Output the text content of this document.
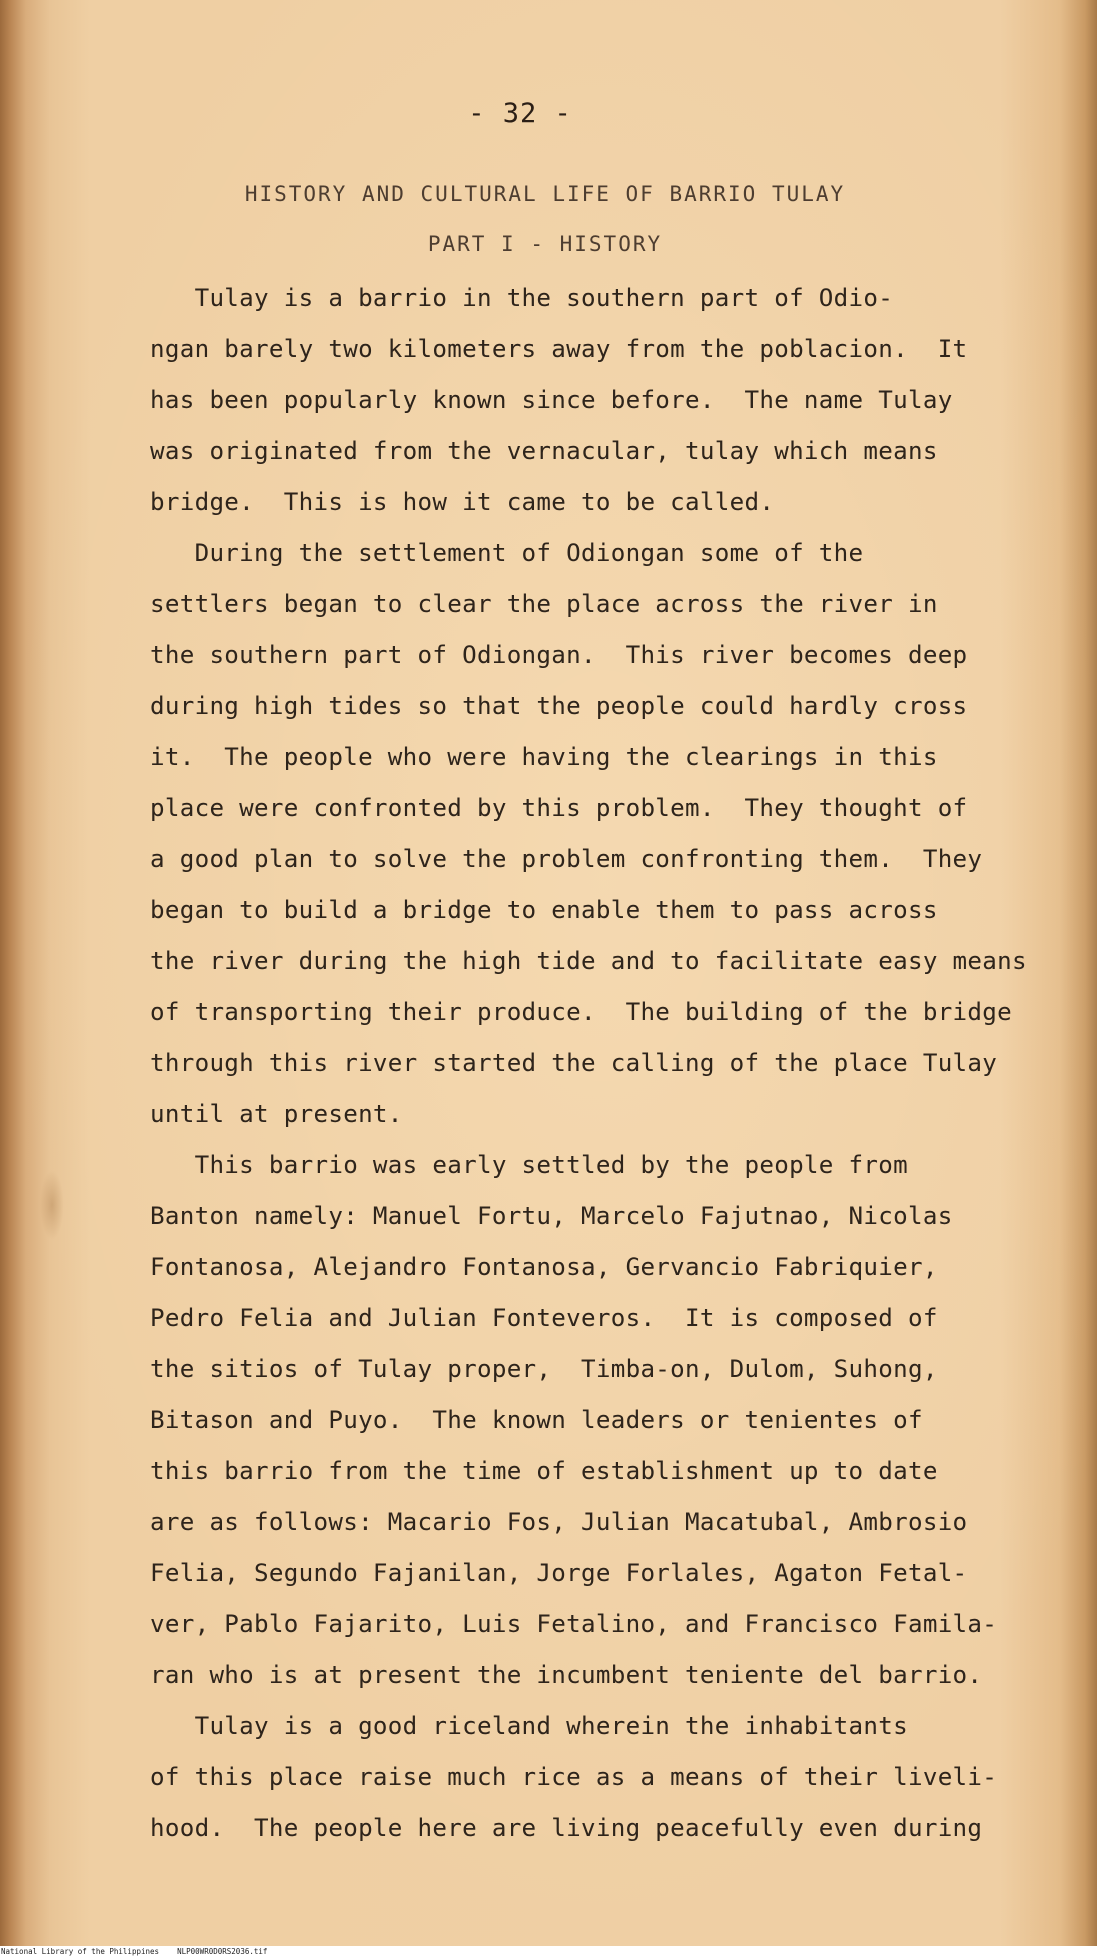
- 32 -
HISTORY AND CULTURAL LIFE OF BARRIO TULAY
PART I - HISTORY
Tulay is a barrio in the southern part of Odio-
ngan barely two kilometers away from the poblacion.  It
has been popularly known since before.  The name Tulay
was originated from the vernacular, tulay which means
bridge.  This is how it came to be called.
During the settlement of Odiongan some of the
settlers began to clear the place across the river in
the southern part of Odiongan.  This river becomes deep
during high tides so that the people could hardly cross
it.  The people who were having the clearings in this
place were confronted by this problem.  They thought of
a good plan to solve the problem confronting them.  They
began to build a bridge to enable them to pass across
the river during the high tide and to facilitate easy means
of transporting their produce.  The building of the bridge
through this river started the calling of the place Tulay
until at present.
This barrio was early settled by the people from
Banton namely: Manuel Fortu, Marcelo Fajutnao, Nicolas
Fontanosa, Alejandro Fontanosa, Gervancio Fabriquier,
Pedro Felia and Julian Fonteveros.  It is composed of
the sitios of Tulay proper,  Timba-on, Dulom, Suhong,
Bitason and Puyo.  The known leaders or tenientes of
this barrio from the time of establishment up to date
are as follows: Macario Fos, Julian Macatubal, Ambrosio
Felia, Segundo Fajanilan, Jorge Forlales, Agaton Fetal-
ver, Pablo Fajarito, Luis Fetalino, and Francisco Famila-
ran who is at present the incumbent teniente del barrio.
Tulay is a good riceland wherein the inhabitants
of this place raise much rice as a means of their liveli-
hood.  The people here are living peacefully even during
National Library of the Philippines    NLP00WR0D0RS2036.tif
